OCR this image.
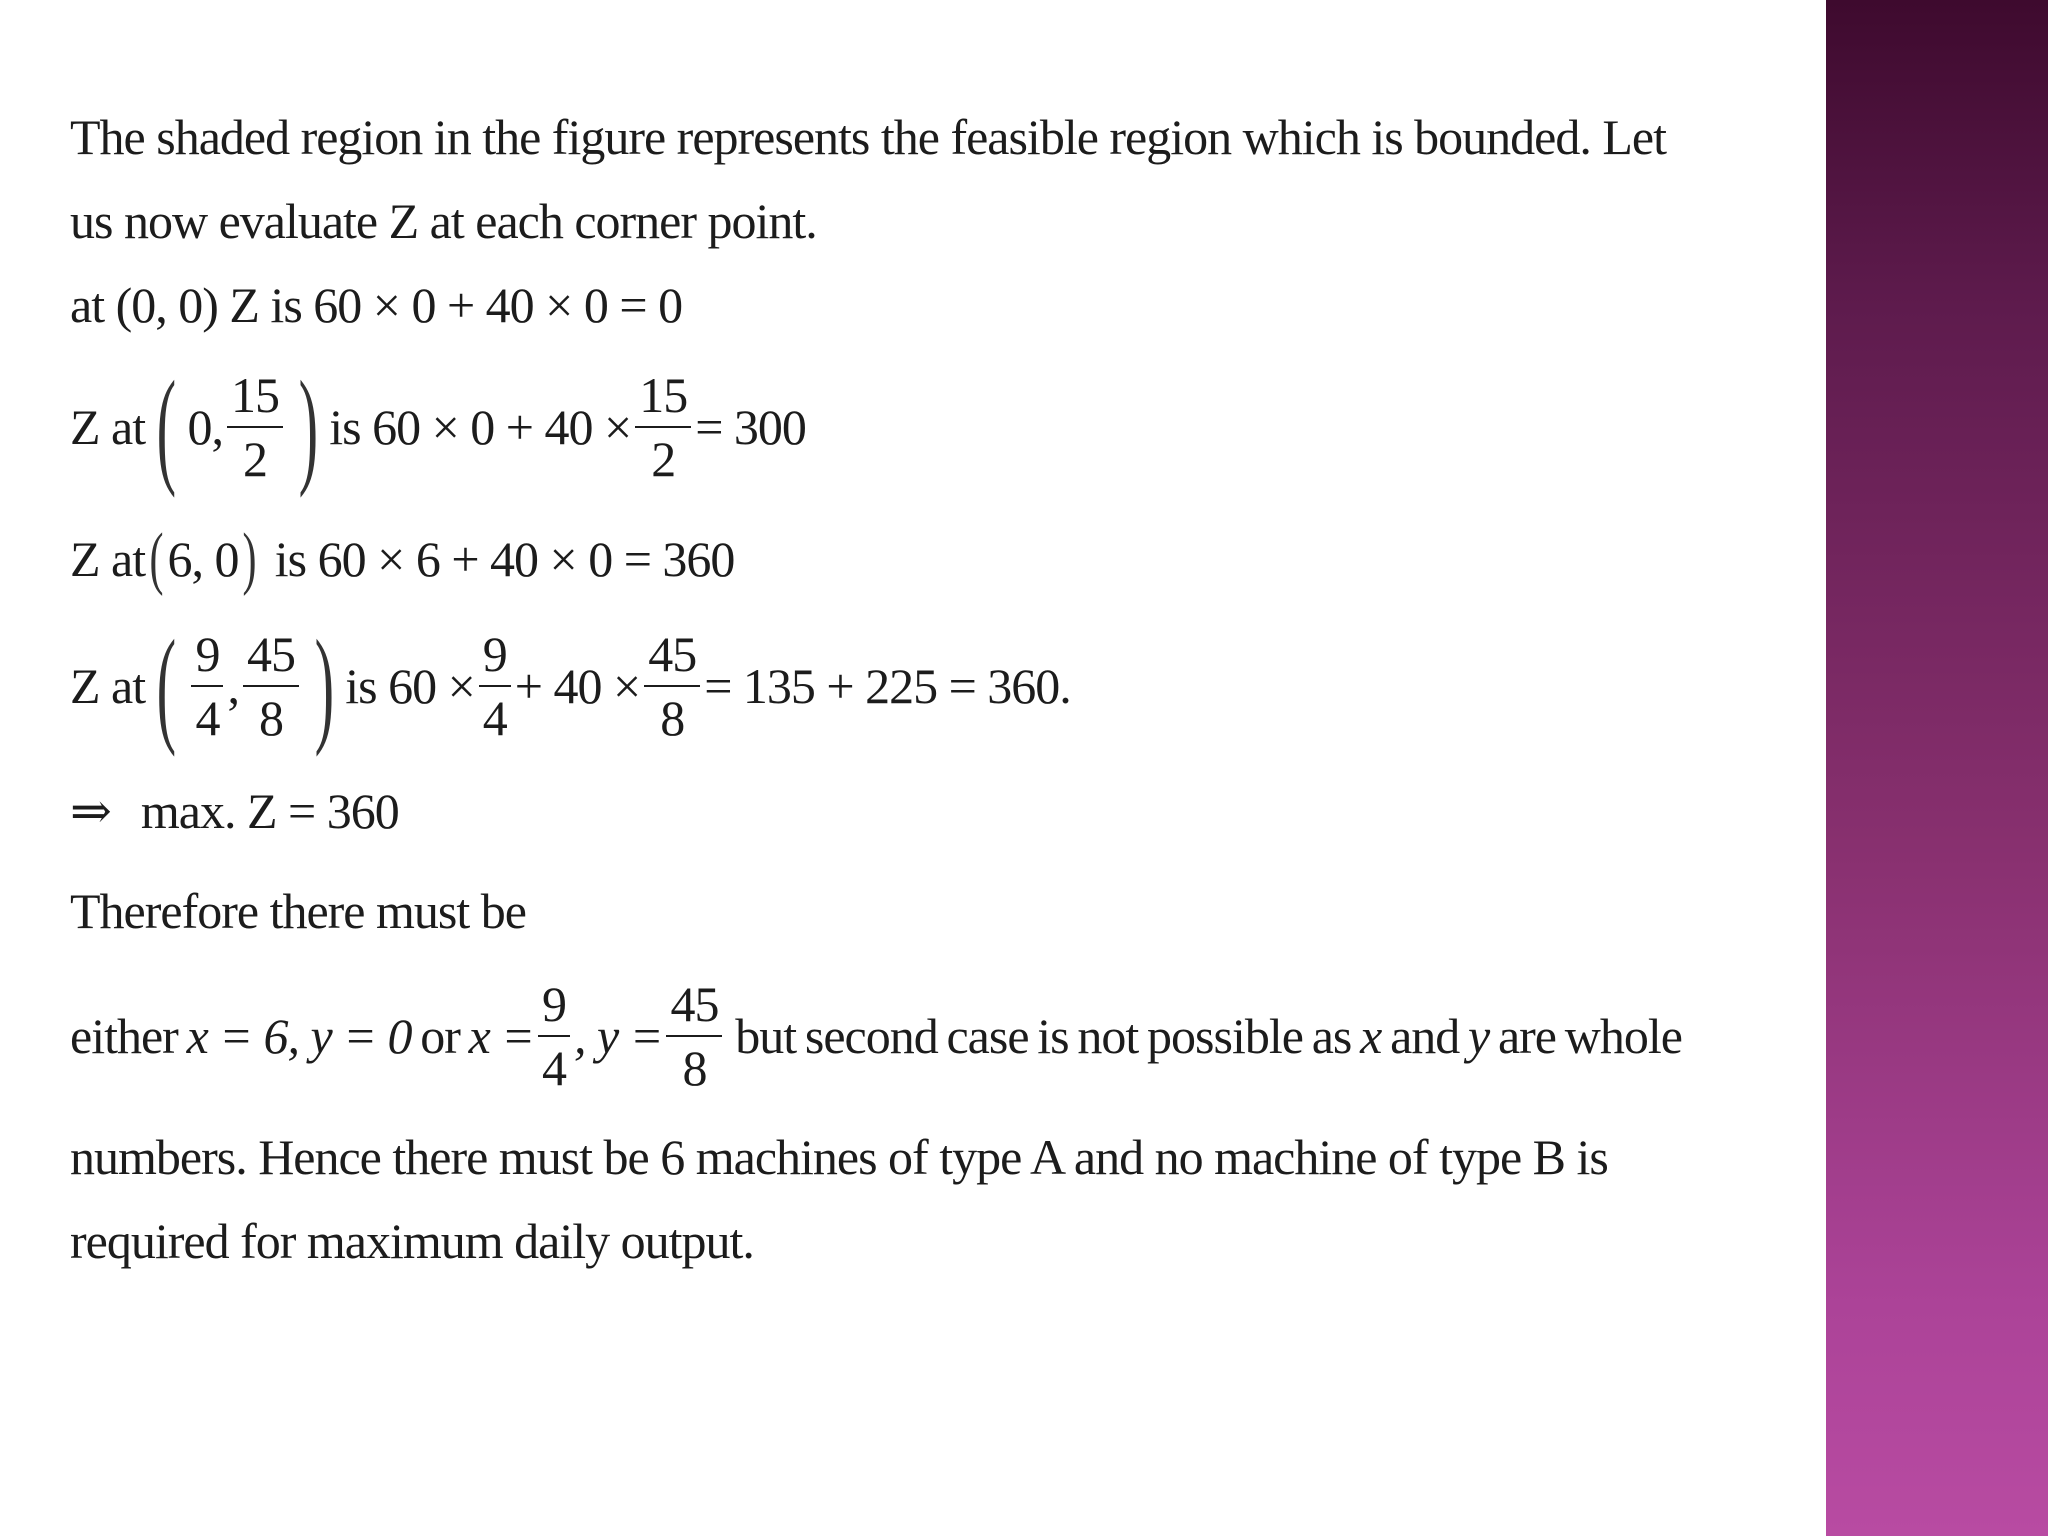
The shaded region in the figure represents the feasible region which is bounded. Let us now evaluate Z at each corner point.

at (0, 0) Z is 60 × 0 + 40 × 0 = 0
Z at ( 0, $\frac{15}{2}$ ) is $60 \times 0 + 40 \times \frac{15}{2} = 300$
Z at ( 6, 0 ) is 60 × 6 + 40 × 0 = 360
Z at ( $\frac{9}{4}$ , $\frac{45}{8}$ ) is $60 \times \frac{9}{4} + 40 \times \frac{45}{8} = 135 + 225 = 360$.
⇒ max. Z = 360
Therefore there must be
either x = 6, y = 0 or $x = \frac{9}{4}$ , $y = \frac{45}{8}$ but second case is not possible as x and y are whole

numbers. Hence there must be 6 machines of type A and no machine of type B is required for maximum daily output.
